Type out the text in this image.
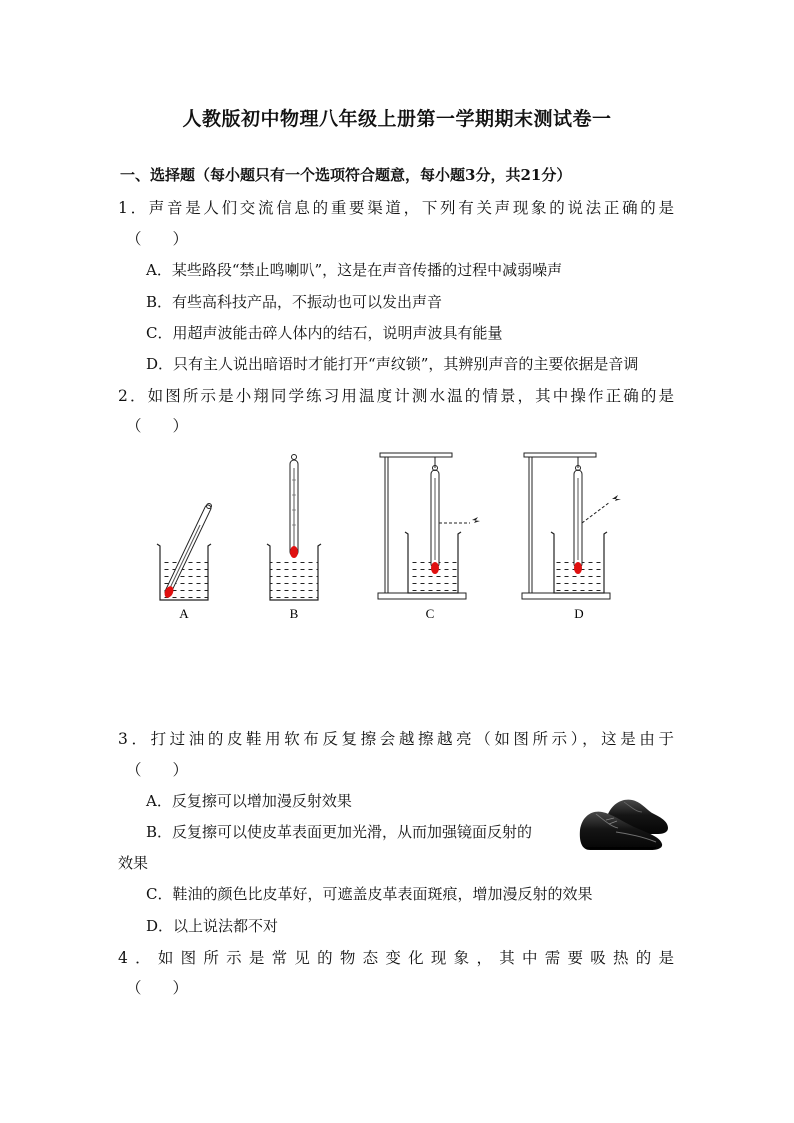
人教版初中物理八年级上册第一学期期末测试卷一
一、选择题（每小题只有一个选项符合题意，每小题3分，共21分）
1．声音是人们交流信息的重要渠道，下列有关声现象的说法正确的是
（　　）
A．某些路段“禁止鸣喇叭”，这是在声音传播的过程中减弱噪声
B．有些高科技产品，不振动也可以发出声音
C．用超声波能击碎人体内的结石，说明声波具有能量
D．只有主人说出暗语时才能打开“声纹锁”，其辨别声音的主要依据是音调
2．如图所示是小翔同学练习用温度计测水温的情景，其中操作正确的是
（　　）
A	B	C	D
3．打过油的皮鞋用软布反复擦会越擦越亮（如图所示），这是由于
（　　）
A．反复擦可以增加漫反射效果
B．反复擦可以使皮革表面更加光滑，从而加强镜面反射的
效果
C．鞋油的颜色比皮革好，可遮盖皮革表面斑痕，增加漫反射的效果
D．以上说法都不对
4．如图所示是常见的物态变化现象，其中需要吸热的是
（　　）
